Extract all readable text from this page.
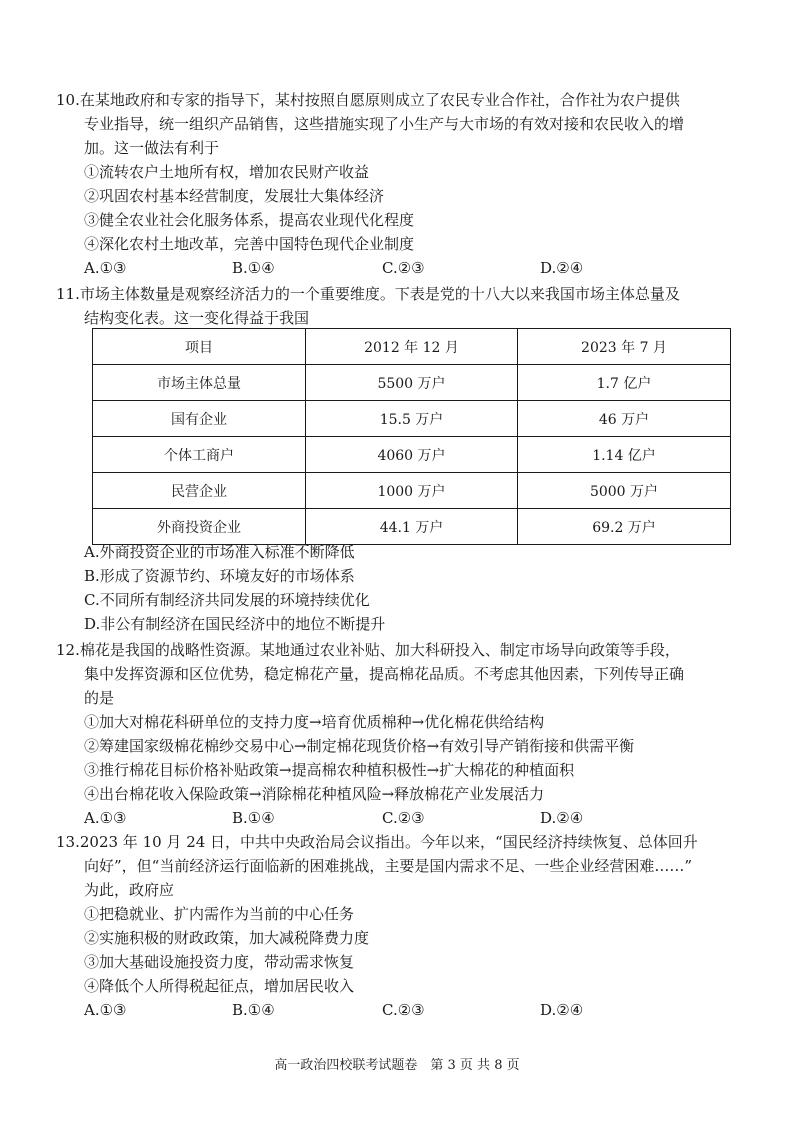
10.在某地政府和专家的指导下，某村按照自愿原则成立了农民专业合作社，合作社为农户提供
专业指导，统一组织产品销售，这些措施实现了小生产与大市场的有效对接和农民收入的增
加。这一做法有利于
①流转农户土地所有权，增加农民财产收益
②巩固农村基本经营制度，发展壮大集体经济
③健全农业社会化服务体系，提高农业现代化程度
④深化农村土地改革，完善中国特色现代企业制度
A.①③	B.①④	C.②③	D.②④
11.市场主体数量是观察经济活力的一个重要维度。下表是党的十八大以来我国市场主体总量及
结构变化表。这一变化得益于我国
项目	2012 年 12 月	2023 年 7 月
市场主体总量	5500 万户	1.7 亿户
国有企业	15.5 万户	46 万户
个体工商户	4060 万户	1.14 亿户
民营企业	1000 万户	5000 万户
外商投资企业	44.1 万户	69.2 万户
A.外商投资企业的市场准入标准不断降低
B.形成了资源节约、环境友好的市场体系
C.不同所有制经济共同发展的环境持续优化
D.非公有制经济在国民经济中的地位不断提升
12.棉花是我国的战略性资源。某地通过农业补贴、加大科研投入、制定市场导向政策等手段，
集中发挥资源和区位优势，稳定棉花产量，提高棉花品质。不考虑其他因素，下列传导正确
的是
①加大对棉花科研单位的支持力度→培育优质棉种→优化棉花供给结构
②筹建国家级棉花棉纱交易中心→制定棉花现货价格→有效引导产销衔接和供需平衡
③推行棉花目标价格补贴政策→提高棉农种植积极性→扩大棉花的种植面积
④出台棉花收入保险政策→消除棉花种植风险→释放棉花产业发展活力
A.①③	B.①④	C.②③	D.②④
13.2023 年 10 月 24 日，中共中央政治局会议指出。今年以来，“国民经济持续恢复、总体回升
向好”，但“当前经济运行面临新的困难挑战，主要是国内需求不足、一些企业经营困难……”
为此，政府应
①把稳就业、扩内需作为当前的中心任务
②实施积极的财政政策，加大减税降费力度
③加大基础设施投资力度，带动需求恢复
④降低个人所得税起征点，增加居民收入
A.①③	B.①④	C.②③	D.②④
高一政治四校联考试题卷　第 3 页 共 8 页
